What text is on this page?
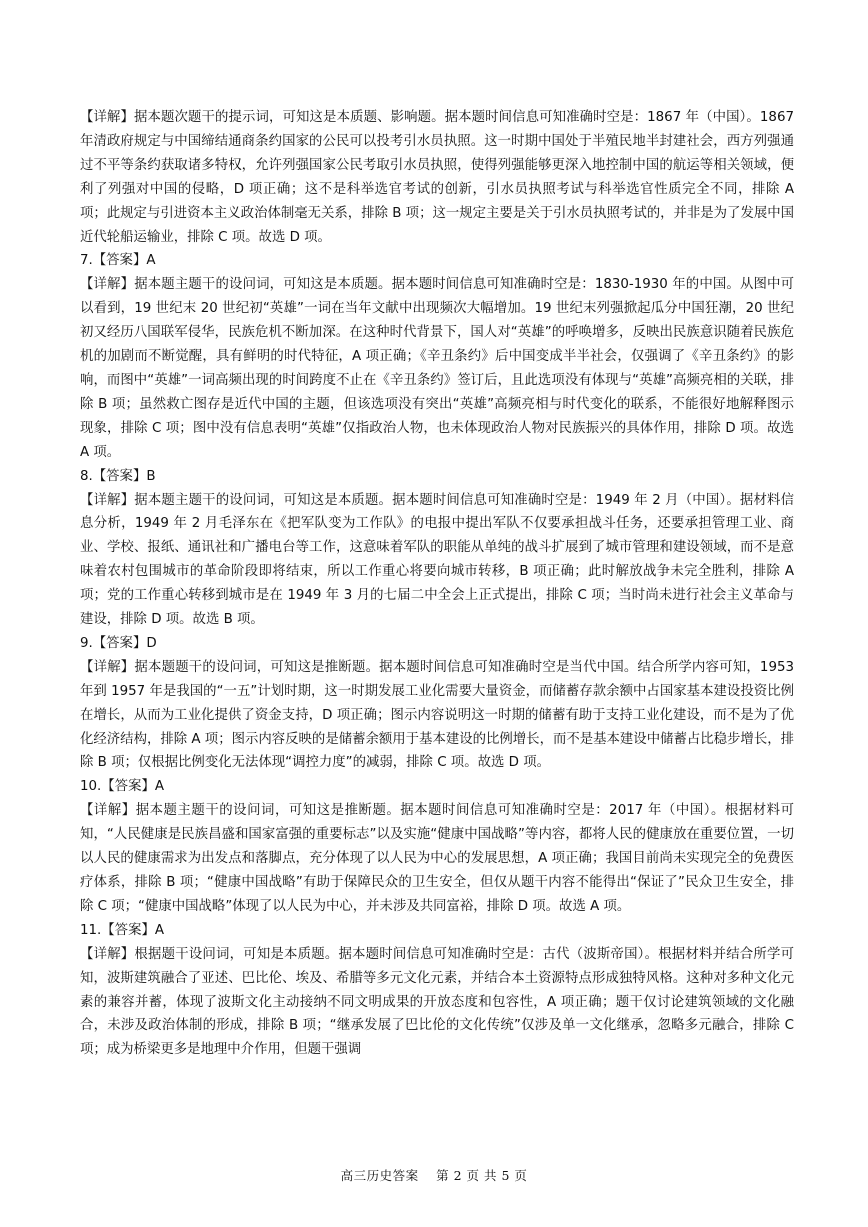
【详解】据本题次题干的提示词，可知这是本质题、影响题。据本题时间信息可知准确时空是：1867 年（中国）。1867 年清政府规定与中国缔结通商条约国家的公民可以投考引水员执照。这一时期中国处于半殖民地半封建社会，西方列强通过不平等条约获取诸多特权，允许列强国家公民考取引水员执照，使得列强能够更深入地控制中国的航运等相关领域，便利了列强对中国的侵略，D 项正确；这不是科举选官考试的创新，引水员执照考试与科举选官性质完全不同，排除 A 项；此规定与引进资本主义政治体制毫无关系，排除 B 项；这一规定主要是关于引水员执照考试的，并非是为了发展中国近代轮船运输业，排除 C 项。故选 D 项。

7.【答案】A

【详解】据本题主题干的设问词，可知这是本质题。据本题时间信息可知准确时空是：1830-1930 年的中国。从图中可以看到，19 世纪末 20 世纪初“英雄”一词在当年文献中出现频次大幅增加。19 世纪末列强掀起瓜分中国狂潮，20 世纪初又经历八国联军侵华，民族危机不断加深。在这种时代背景下，国人对“英雄”的呼唤增多，反映出民族意识随着民族危机的加剧而不断觉醒，具有鲜明的时代特征，A 项正确；《辛丑条约》后中国变成半半社会，仅强调了《辛丑条约》的影响，而图中“英雄”一词高频出现的时间跨度不止在《辛丑条约》签订后，且此选项没有体现与“英雄”高频亮相的关联，排除 B 项；虽然救亡图存是近代中国的主题，但该选项没有突出“英雄”高频亮相与时代变化的联系，不能很好地解释图示现象，排除 C 项；图中没有信息表明“英雄”仅指政治人物，也未体现政治人物对民族振兴的具体作用，排除 D 项。故选 A 项。

8.【答案】B

【详解】据本题主题干的设问词，可知这是本质题。据本题时间信息可知准确时空是：1949 年 2 月（中国）。据材料信息分析，1949 年 2 月毛泽东在《把军队变为工作队》的电报中提出军队不仅要承担战斗任务，还要承担管理工业、商业、学校、报纸、通讯社和广播电台等工作，这意味着军队的职能从单纯的战斗扩展到了城市管理和建设领域，而不是意味着农村包围城市的革命阶段即将结束，所以工作重心将要向城市转移，B 项正确；此时解放战争未完全胜利，排除 A 项；党的工作重心转移到城市是在 1949 年 3 月的七届二中全会上正式提出，排除 C 项；当时尚未进行社会主义革命与建设，排除 D 项。故选 B 项。

9.【答案】D

【详解】据本题题干的设问词，可知这是推断题。据本题时间信息可知准确时空是当代中国。结合所学内容可知，1953 年到 1957 年是我国的“一五”计划时期，这一时期发展工业化需要大量资金，而储蓄存款余额中占国家基本建设投资比例在增长，从而为工业化提供了资金支持，D 项正确；图示内容说明这一时期的储蓄有助于支持工业化建设，而不是为了优化经济结构，排除 A 项；图示内容反映的是储蓄余额用于基本建设的比例增长，而不是基本建设中储蓄占比稳步增长，排除 B 项；仅根据比例变化无法体现“调控力度”的减弱，排除 C 项。故选 D 项。

10.【答案】A

【详解】据本题主题干的设问词，可知这是推断题。据本题时间信息可知准确时空是：2017 年（中国）。根据材料可知，“人民健康是民族昌盛和国家富强的重要标志”以及实施“健康中国战略”等内容，都将人民的健康放在重要位置，一切以人民的健康需求为出发点和落脚点，充分体现了以人民为中心的发展思想，A 项正确；我国目前尚未实现完全的免费医疗体系，排除 B 项；“健康中国战略”有助于保障民众的卫生安全，但仅从题干内容不能得出“保证了”民众卫生安全，排除 C 项；“健康中国战略”体现了以人民为中心，并未涉及共同富裕，排除 D 项。故选 A 项。

11.【答案】A

【详解】根据题干设问词，可知是本质题。据本题时间信息可知准确时空是：古代（波斯帝国）。根据材料并结合所学可知，波斯建筑融合了亚述、巴比伦、埃及、希腊等多元文化元素，并结合本土资源特点形成独特风格。这种对多种文化元素的兼容并蓄，体现了波斯文化主动接纳不同文明成果的开放态度和包容性，A 项正确；题干仅讨论建筑领域的文化融合，未涉及政治体制的形成，排除 B 项；“继承发展了巴比伦的文化传统”仅涉及单一文化继承，忽略多元融合，排除 C 项；成为桥梁更多是地理中介作用，但题干强调

高三历史答案　 第 2 页 共 5 页
